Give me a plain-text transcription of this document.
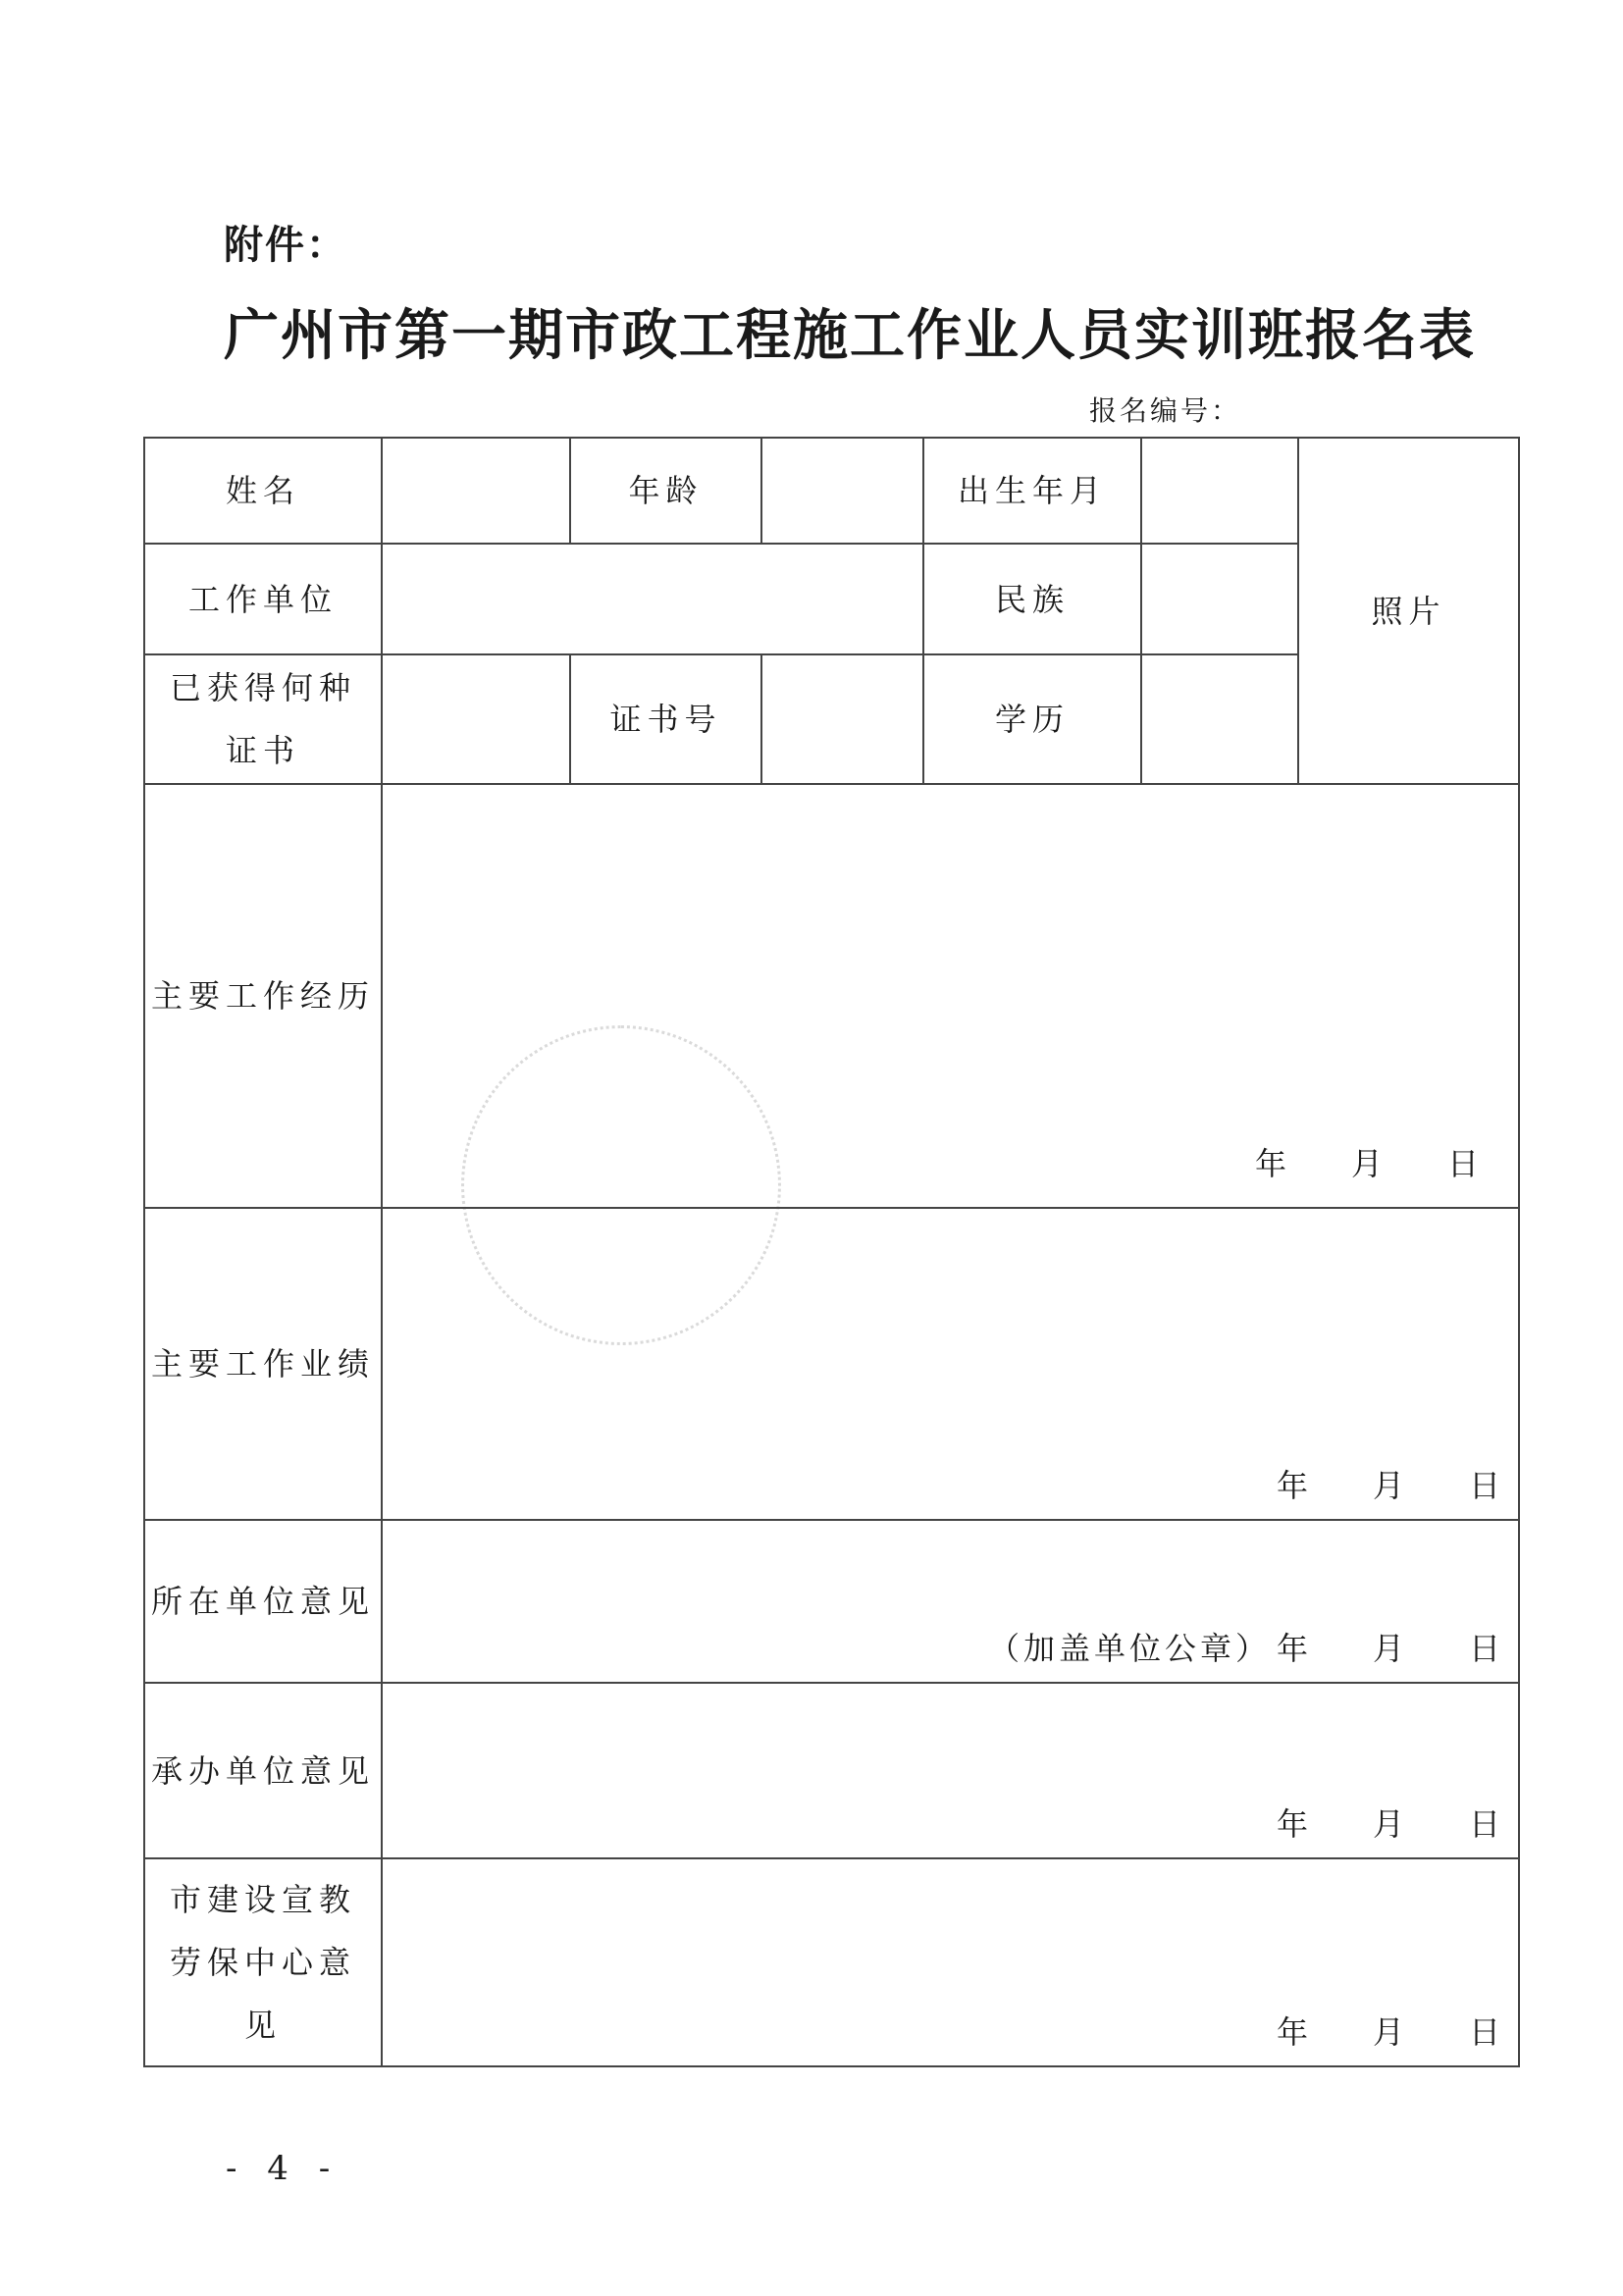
附件：
广州市第一期市政工程施工作业人员实训班报名表
报名编号：
姓名		年龄		出生年月		照片
工作单位				民族		
已获得何种证书		证书号		学历		
主要工作经历	年 月 日					

主要工作业绩	年 月 日					

所在单位意见	（加盖单位公章） 年 月 日					

承办单位意见	年 月 日					

市建设宣教劳保中心意见	年 月 日					
- 4 -
